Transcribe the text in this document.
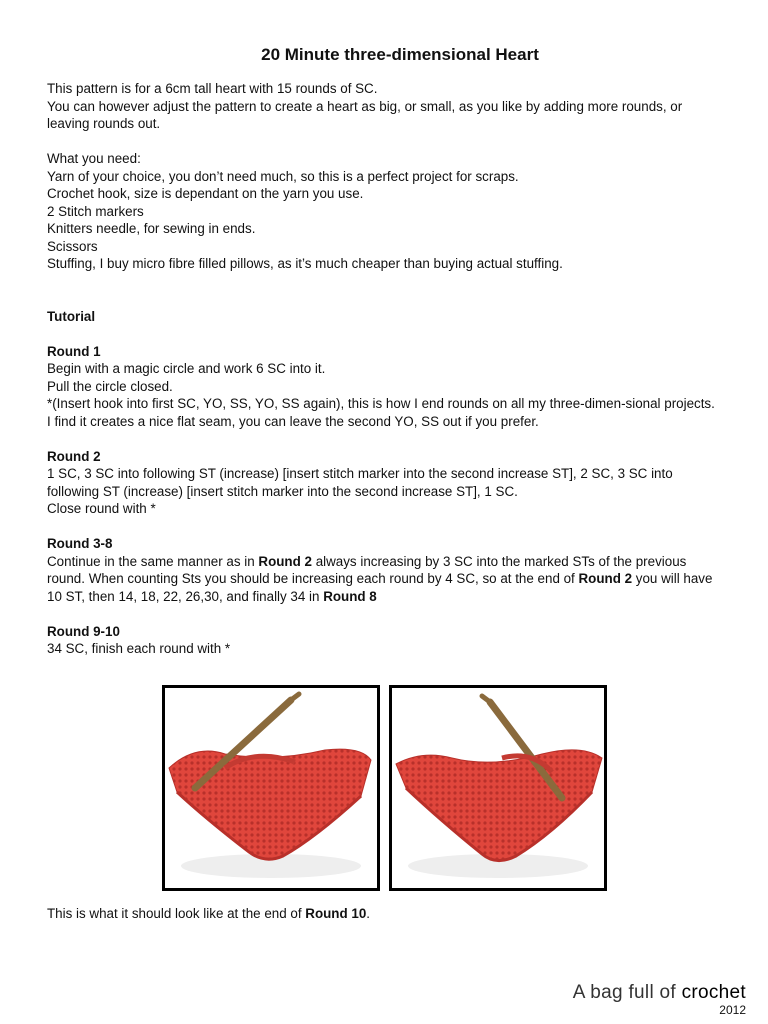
20 Minute three-dimensional Heart

This pattern is for a 6cm tall heart with 15 rounds of SC.

You can however adjust the pattern to create a heart as big, or small, as you like by adding more rounds, or leaving rounds out.

What you need:

Yarn of your choice, you don’t need much, so this is a perfect project for scraps.

Crochet hook, size is dependant on the yarn you use.

2 Stitch markers

Knitters needle, for sewing in ends.

Scissors

Stuffing, I buy micro fibre filled pillows, as it’s much cheaper than buying actual stuffing.

Tutorial

Round 1

Begin with a magic circle and work 6 SC into it.

Pull the circle closed.

*(Insert hook into first SC, YO, SS, YO, SS again), this is how I end rounds on all my three-dimen-sional projects.

I find it creates a nice flat seam, you can leave the second YO, SS out if you prefer.

Round 2

1 SC, 3 SC into following ST (increase) [insert stitch marker into the second increase ST], 2 SC, 3 SC into following ST (increase) [insert stitch marker into the second increase ST], 1 SC.

Close round with *

Round 3-8

Continue in the same manner as in Round 2 always increasing by 3 SC into the marked STs of the previous round. When counting Sts you should be increasing each round by 4 SC, so at the end of Round 2 you will have 10 ST, then 14, 18, 22, 26,30, and finally 34 in Round 8

Round 9-10

34 SC, finish each round with *

This is what it should look like at the end of Round 10.

A bag full of crochet
2012
